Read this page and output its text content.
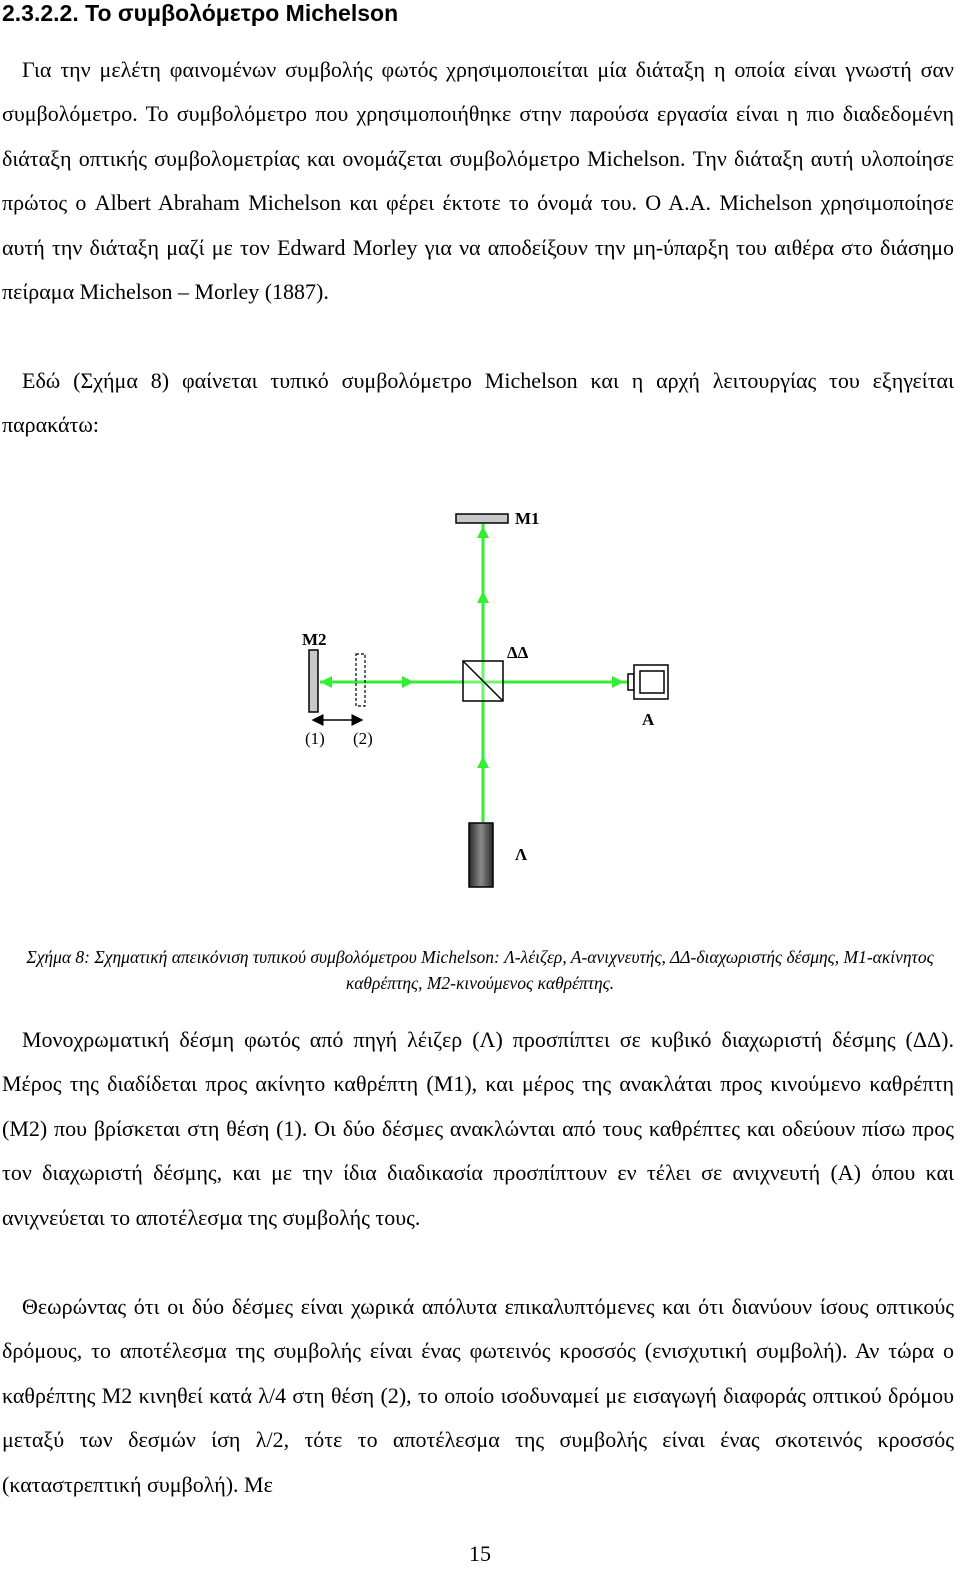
2.3.2.2. Το συμβολόμετρο Michelson

Για την μελέτη φαινομένων συμβολής φωτός χρησιμοποιείται μία διάταξη η οποία είναι γνωστή σαν συμβολόμετρο. Το συμβολόμετρο που χρησιμοποιήθηκε στην παρούσα εργασία είναι η πιο διαδεδομένη διάταξη οπτικής συμβολομετρίας και ονομάζεται συμβολόμετρο Michelson. Την διάταξη αυτή υλοποίησε πρώτος ο Albert Abraham Michelson και φέρει έκτοτε το όνομά του. Ο Α.Α. Michelson χρησιμοποίησε αυτή την διάταξη μαζί με τον Edward Morley για να αποδείξουν την μη-ύπαρξη του αιθέρα στο διάσημο πείραμα Michelson – Morley (1887).

Εδώ (Σχήμα 8) φαίνεται τυπικό συμβολόμετρο Michelson και η αρχή λειτουργίας του εξηγείται παρακάτω:

M1
M2
(1) (2)
ΔΔ
A
Λ
Σχήμα 8: Σχηματική απεικόνιση τυπικού συμβολόμετρου Michelson: Λ-λέιζερ, Α-ανιχνευτής, ΔΔ-διαχωριστής δέσμης, Μ1-ακίνητος καθρέπτης, Μ2-κινούμενος καθρέπτης.

Μονοχρωματική δέσμη φωτός από πηγή λέιζερ (Λ) προσπίπτει σε κυβικό διαχωριστή δέσμης (ΔΔ). Μέρος της διαδίδεται προς ακίνητο καθρέπτη (Μ1), και μέρος της ανακλάται προς κινούμενο καθρέπτη (Μ2) που βρίσκεται στη θέση (1). Οι δύο δέσμες ανακλώνται από τους καθρέπτες και οδεύουν πίσω προς τον διαχωριστή δέσμης, και με την ίδια διαδικασία προσπίπτουν εν τέλει σε ανιχνευτή (Α) όπου και ανιχνεύεται το αποτέλεσμα της συμβολής τους.

Θεωρώντας ότι οι δύο δέσμες είναι χωρικά απόλυτα επικαλυπτόμενες και ότι διανύουν ίσους οπτικούς δρόμους, το αποτέλεσμα της συμβολής είναι ένας φωτεινός κροσσός (ενισχυτική συμβολή). Αν τώρα ο καθρέπτης Μ2 κινηθεί κατά λ/4 στη θέση (2), το οποίο ισοδυναμεί με εισαγωγή διαφοράς οπτικού δρόμου μεταξύ των δεσμών ίση λ/2, τότε το αποτέλεσμα της συμβολής είναι ένας σκοτεινός κροσσός (καταστρεπτική συμβολή). Με

15
